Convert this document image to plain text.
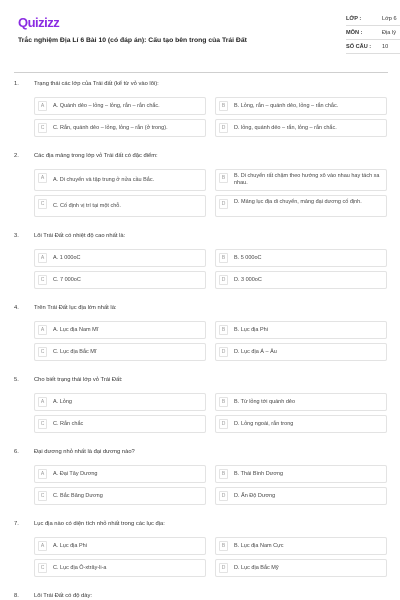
Quizizz
Trắc nghiệm Địa Lí 6 Bài 10 (có đáp án): Cấu tạo bên trong của Trái Đất
LỚP :	Lớp 6
MÔN :	Địa lý
SỐ CÂU : 10
1.	Trạng thái các lớp của Trái đất (kể từ vỏ vào lõi):
A	A. Quánh dẻo – lỏng – lỏng, rắn – rắn chắc.	B	B. Lỏng, rắn – quánh dẻo, lỏng – rắn chắc.
C	C. Rắn, quánh dẻo – lỏng, lỏng – rắn (ở trong).	D	D. lỏng, quánh dẻo – rắn, lỏng – rắn chắc.
2.	Các địa mảng trong lớp vỏ Trái đất có đặc điểm:
A	A. Di chuyển và tập trung ở nửa cầu Bắc.	B	B. Di chuyển rất chậm theo hướng xô vào nhau hay tách xa nhau.
C	C. Cố định vị trí tại một chỗ.	D	D. Mảng lục địa di chuyển, mảng đại dương cố định.
3.	Lõi Trái Đất có nhiệt độ cao nhất là:
A	A. 1 000oC	B	B. 5 000oC
C	C. 7 000oC	D	D. 3 000oC
4.	Trên Trái Đất lục địa lớn nhất là:
A	A. Lục địa Nam Mĩ	B	B. Lục địa Phi
C	C. Lục địa Bắc Mĩ	D	D. Lục địa Á – Âu
5.	Cho biết trạng thái lớp vỏ Trái Đất:
A	A. Lỏng	B	B. Từ lỏng tới quánh dẻo
C	C. Rắn chắc	D	D. Lỏng ngoài, rắn trong
6.	Đại dương nhỏ nhất là đại dương nào?
A	A. Đại Tây Dương	B	B. Thái Bình Dương
C	C. Bắc Băng Dương	D	D. Ấn Độ Dương
7.	Lục địa nào có diện tích nhỏ nhất trong các lục địa:
A	A. Lục địa Phi	B	B. Lục địa Nam Cực
C	C. Lục địa Ô-xtrây-li-a	D	D. Lục địa Bắc Mỹ
8.	Lõi Trái Đất có độ dày:
